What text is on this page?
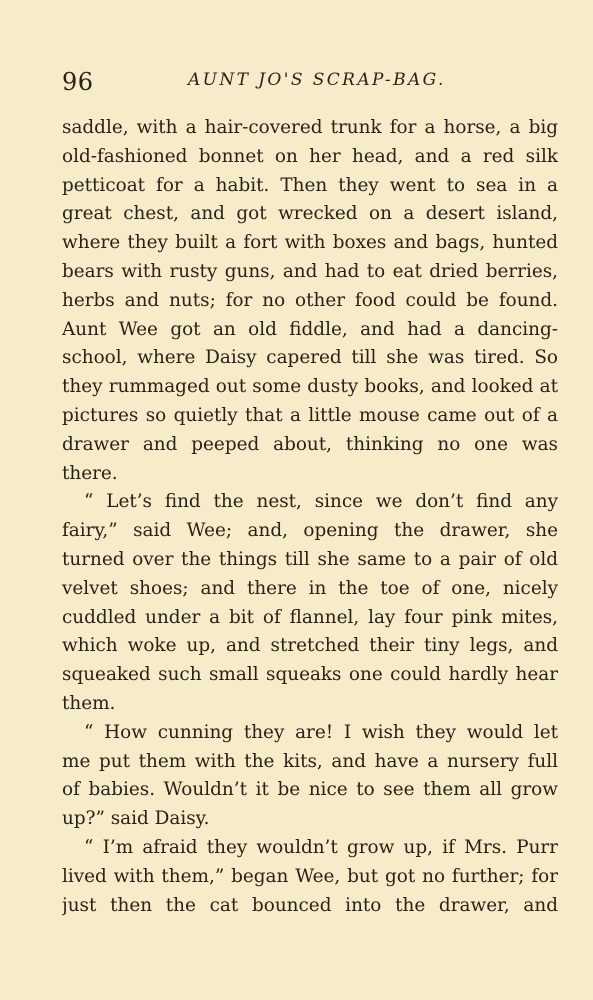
96	AUNT JO'S SCRAP-BAG.
saddle, with a hair-covered trunk for a horse, a big
old-fashioned bonnet on her head, and a red silk
petticoat for a habit. Then they went to sea in a
great chest, and got wrecked on a desert island,
where they built a fort with boxes and bags, hunted
bears with rusty guns, and had to eat dried berries,
herbs and nuts; for no other food could be found.
Aunt Wee got an old fiddle, and had a dancing-
school, where Daisy capered till she was tired. So
they rummaged out some dusty books, and looked at
pictures so quietly that a little mouse came out of a
drawer and peeped about, thinking no one was
there.
“ Let’s find the nest, since we don’t find any
fairy,” said Wee; and, opening the drawer, she
turned over the things till she same to a pair of old
velvet shoes; and there in the toe of one, nicely
cuddled under a bit of flannel, lay four pink mites,
which woke up, and stretched their tiny legs, and
squeaked such small squeaks one could hardly hear
them.
“ How cunning they are! I wish they would let
me put them with the kits, and have a nursery full
of babies. Wouldn’t it be nice to see them all grow
up?” said Daisy.
“ I’m afraid they wouldn’t grow up, if Mrs. Purr
lived with them,” began Wee, but got no further; for
just then the cat bounced into the drawer, and
